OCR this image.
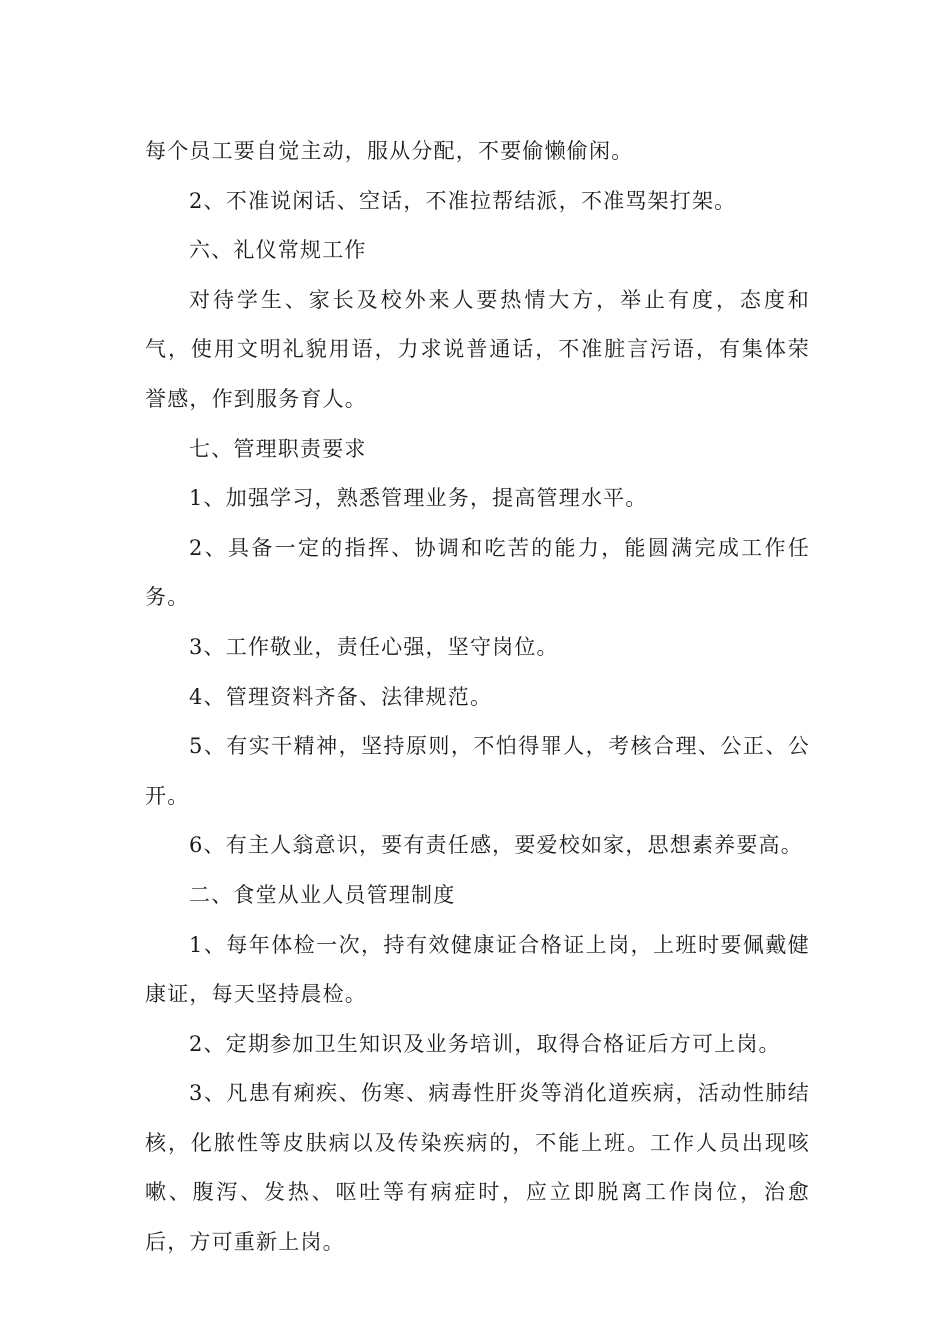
每个员工要自觉主动，服从分配，不要偷懒偷闲。

2、不准说闲话、空话，不准拉帮结派，不准骂架打架。

六、礼仪常规工作

对待学生、家长及校外来人要热情大方，举止有度，态度和气，使用文明礼貌用语，力求说普通话，不准脏言污语，有集体荣誉感，作到服务育人。

七、管理职责要求

1、加强学习，熟悉管理业务，提高管理水平。

2、具备一定的指挥、协调和吃苦的能力，能圆满完成工作任务。

3、工作敬业，责任心强，坚守岗位。

4、管理资料齐备、法律规范。

5、有实干精神，坚持原则，不怕得罪人，考核合理、公正、公开。

6、有主人翁意识，要有责任感，要爱校如家，思想素养要高。

二、食堂从业人员管理制度

1、每年体检一次，持有效健康证合格证上岗，上班时要佩戴健康证，每天坚持晨检。

2、定期参加卫生知识及业务培训，取得合格证后方可上岗。

3、凡患有痢疾、伤寒、病毒性肝炎等消化道疾病，活动性肺结核，化脓性等皮肤病以及传染疾病的，不能上班。工作人员出现咳嗽、腹泻、发热、呕吐等有病症时，应立即脱离工作岗位，治愈后，方可重新上岗。
